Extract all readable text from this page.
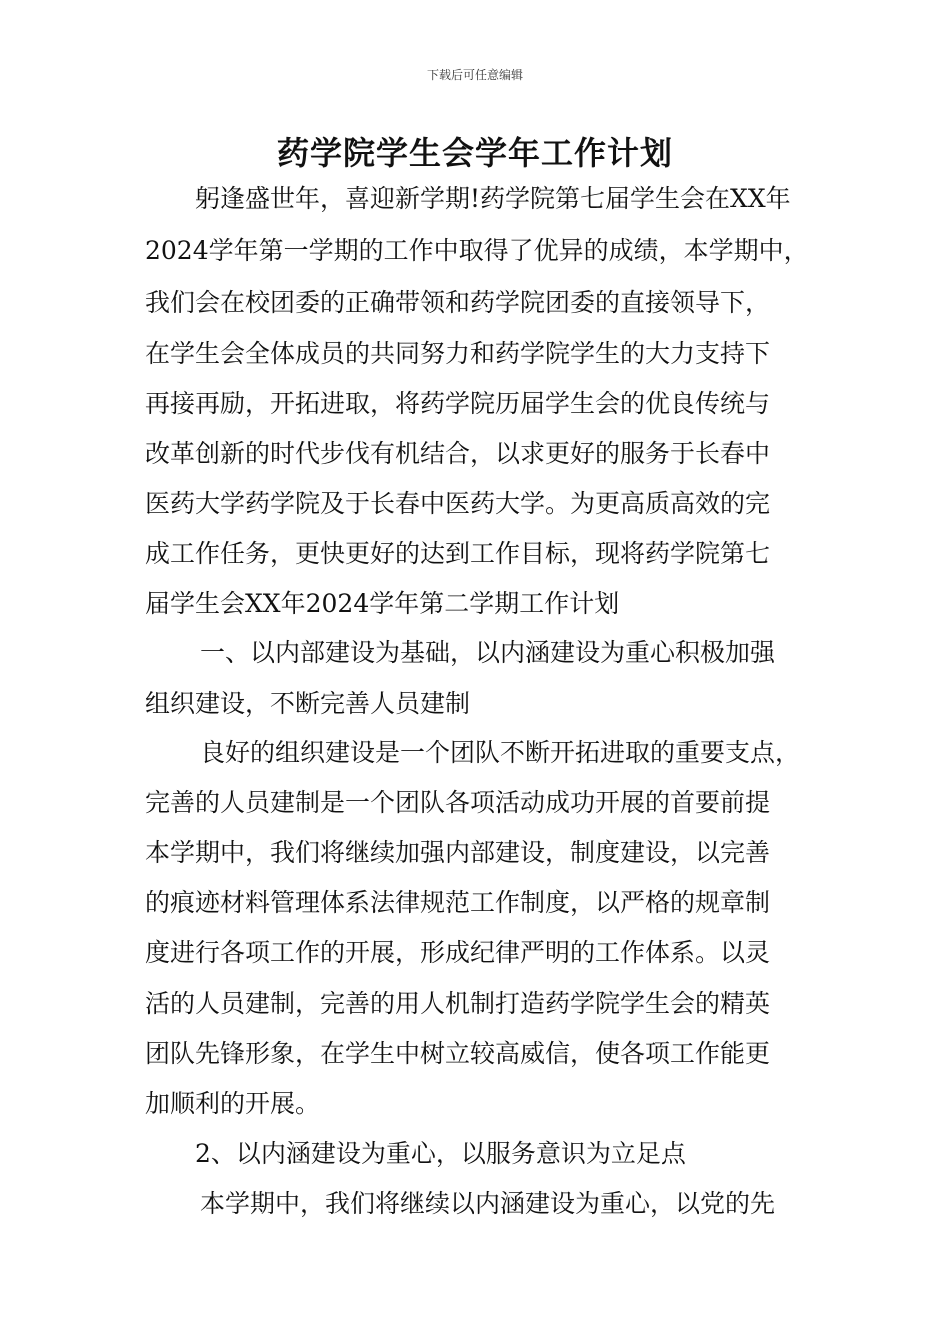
下载后可任意编辑
药学院学生会学年工作计划
躬逢盛世年，喜迎新学期!药学院第七届学生会在XX年
2024学年第一学期的工作中取得了优异的成绩，本学期中，
我们会在校团委的正确带领和药学院团委的直接领导下，
在学生会全体成员的共同努力和药学院学生的大力支持下
再接再励，开拓进取，将药学院历届学生会的优良传统与
改革创新的时代步伐有机结合，以求更好的服务于长春中
医药大学药学院及于长春中医药大学。为更高质高效的完
成工作任务，更快更好的达到工作目标，现将药学院第七
届学生会XX年2024学年第二学期工作计划
一、以内部建设为基础，以内涵建设为重心积极加强
组织建设，不断完善人员建制
良好的组织建设是一个团队不断开拓进取的重要支点，
完善的人员建制是一个团队各项活动成功开展的首要前提
本学期中，我们将继续加强内部建设，制度建设，以完善
的痕迹材料管理体系法律规范工作制度，以严格的规章制
度进行各项工作的开展，形成纪律严明的工作体系。以灵
活的人员建制，完善的用人机制打造药学院学生会的精英
团队先锋形象，在学生中树立较高威信，使各项工作能更
加顺利的开展。
2、以内涵建设为重心，以服务意识为立足点
本学期中，我们将继续以内涵建设为重心，以党的先
